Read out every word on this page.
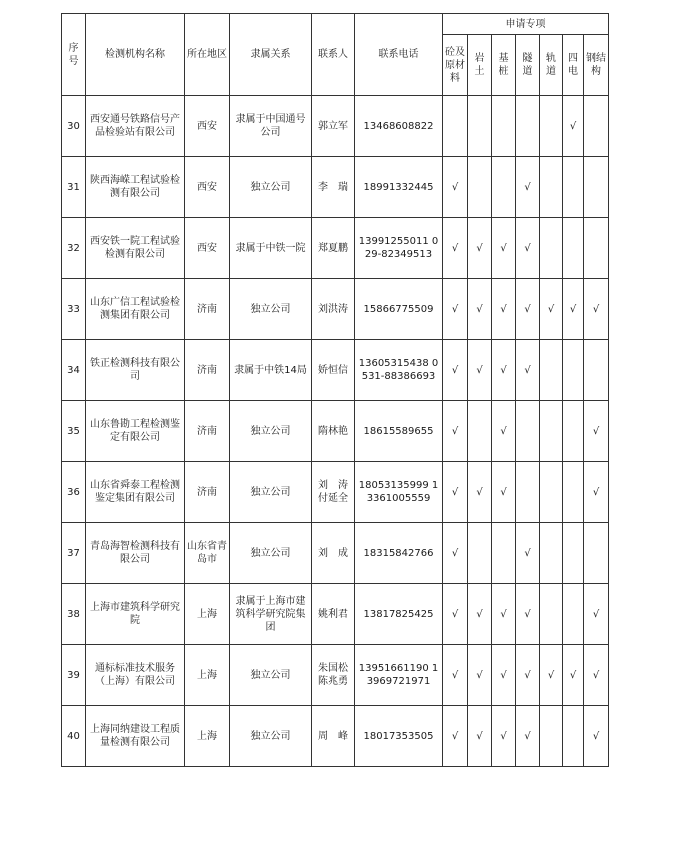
序号	检测机构名称	所在地区	隶属关系	联系人	联系电话	申请专项						
						砼及原材料	岩土	基桩	隧道	轨道	四电	钢结构
30	西安通号铁路信号产品检验站有限公司	西安	隶属于中国通号公司	郭立军	13468608822						√	
31	陕西海嵘工程试验检测有限公司	西安	独立公司	李　瑞	18991332445	√			√			
32	西安铁一院工程试验检测有限公司	西安	隶属于中铁一院	郑夏鹏	13991255011 029-82349513	√	√	√	√			
33	山东广信工程试验检测集团有限公司	济南	独立公司	刘洪涛	15866775509	√	√	√	√	√	√	√
34	铁正检测科技有限公司	济南	隶属于中铁14局	娇恒信	13605315438 0531-88386693	√	√	√	√			
35	山东鲁勘工程检测鉴定有限公司	济南	独立公司	隋林艳	18615589655	√		√				√
36	山东省舜泰工程检测鉴定集团有限公司	济南	独立公司	刘　涛 付延全	18053135999 13361005559	√	√	√				√
37	青岛海智检测科技有限公司	山东省青岛市	独立公司	刘　成	18315842766	√			√			
38	上海市建筑科学研究院	上海	隶属于上海市建筑科学研究院集团	姚利君	13817825425	√	√	√	√			√
39	通标标准技术服务（上海）有限公司	上海	独立公司	朱国松 陈兆勇	13951661190 13969721971	√	√	√	√	√	√	√
40	上海同纳建设工程质量检测有限公司	上海	独立公司	周　峰	18017353505	√	√	√	√			√
